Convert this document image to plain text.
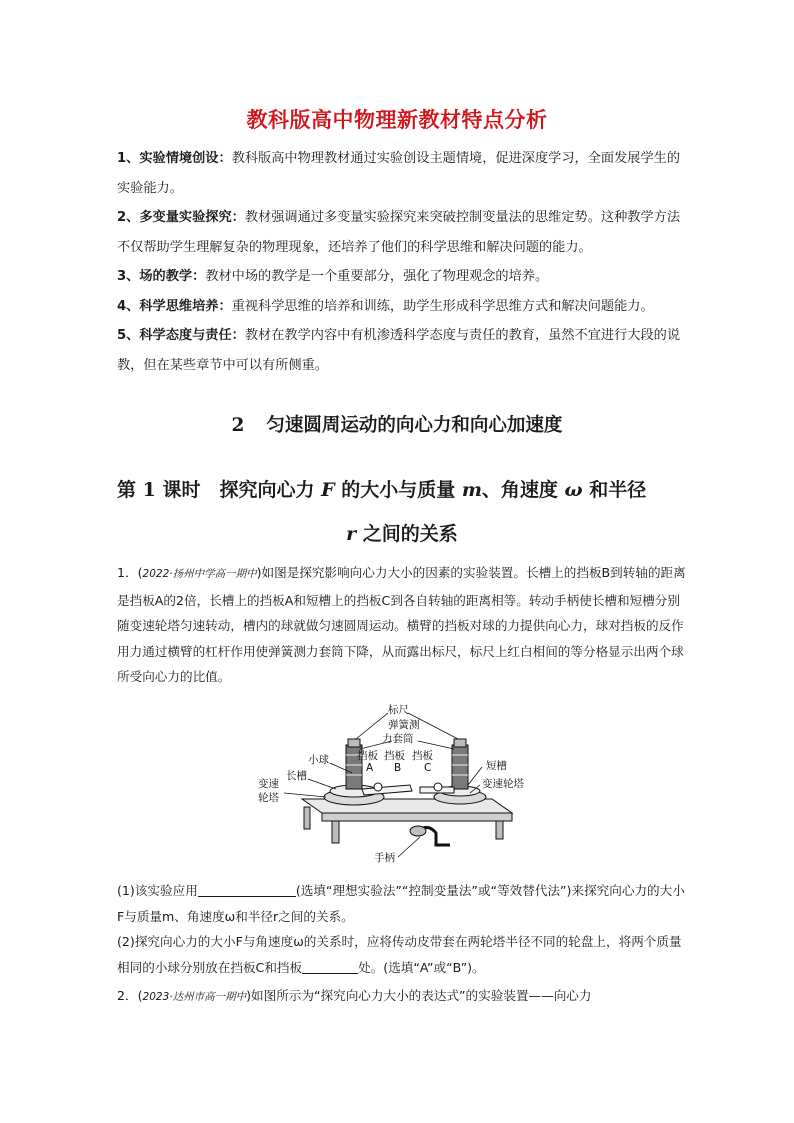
教科版高中物理新教材特点分析

1、实验情境创设：教科版高中物理教材通过实验创设主题情境，促进深度学习，全面发展学生的实验能力。

2、多变量实验探究：教材强调通过多变量实验探究来突破控制变量法的思维定势。这种教学方法不仅帮助学生理解复杂的物理现象，还培养了他们的科学思维和解决问题的能力。

3、场的教学：教材中场的教学是一个重要部分，强化了物理观念的培养。

4、科学思维培养：重视科学思维的培养和训练，助学生形成科学思维方式和解决问题能力。

5、科学态度与责任：教材在教学内容中有机渗透科学态度与责任的教育，虽然不宜进行大段的说教，但在某些章节中可以有所侧重。

2 匀速圆周运动的向心力和向心加速度
第 1 课时　探究向心力 F 的大小与质量 m、角速度 ω 和半径
r 之间的关系

1．(2022·扬州中学高一期中)如图是探究影响向心力大小的因素的实验装置。长槽上的挡板B到转轴的距离是挡板A的2倍，长槽上的挡板A和短槽上的挡板C到各自转轴的距离相等。转动手柄使长槽和短槽分别随变速轮塔匀速转动，槽内的球就做匀速圆周运动。横臂的挡板对球的力提供向心力，球对挡板的反作用力通过横臂的杠杆作用使弹簧测力套筒下降，从而露出标尺，标尺上红白相间的等分格显示出两个球所受向心力的比值。

标尺
弹簧测
力套筒
小球	挡板 挡板 挡板
A B C
长槽
短槽
变速
轮塔
变速轮塔
手柄

(1)该实验应用	(选填“理想实验法”“控制变量法”或“等效替代法”)来探究向心力的大小F与质量m、角速度ω和半径r之间的关系。

(2)探究向心力的大小F与角速度ω的关系时，应将传动皮带套在两轮塔半径不同的轮盘上，将两个质量相同的小球分别放在挡板C和挡板	处。(选填“A”或“B”)。

2．(2023·达州市高一期中)如图所示为“探究向心力大小的表达式”的实验装置——向心力
